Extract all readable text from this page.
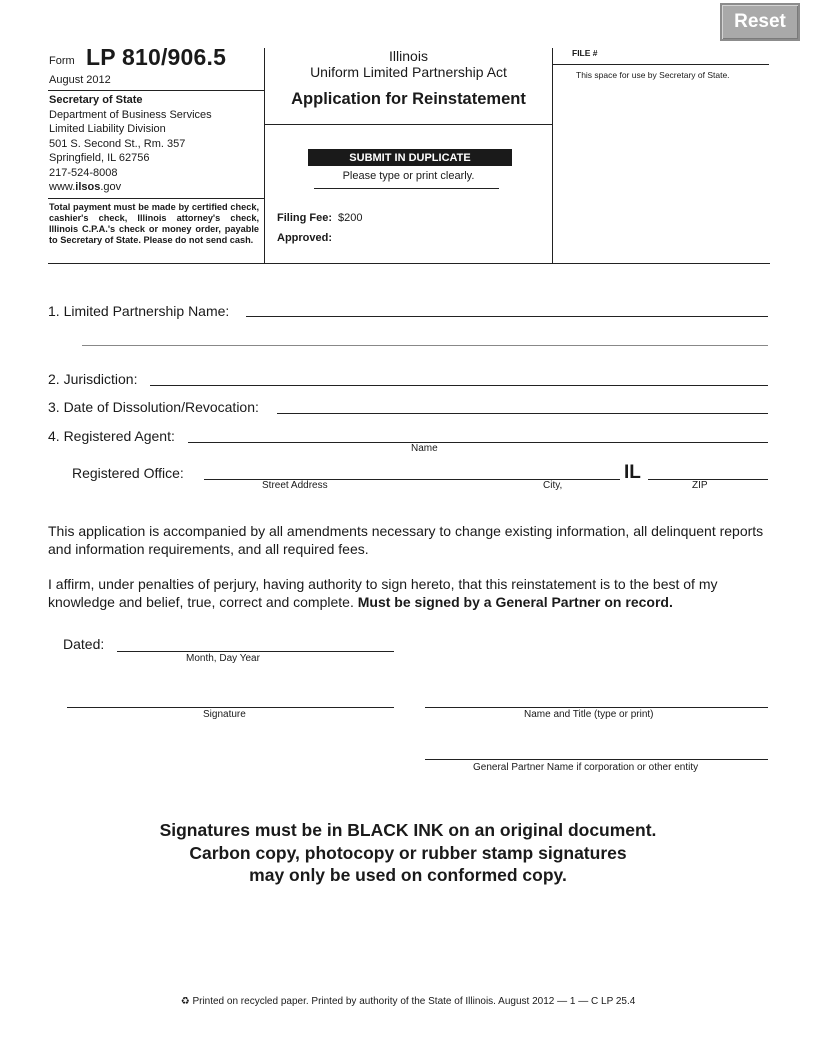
Reset
Form LP 810/906.5
August 2012
Secretary of State
Department of Business Services
Limited Liability Division
501 S. Second St., Rm. 357
Springfield, IL 62756
217-524-8008
www.ilsos.gov
Total payment must be made by certified check, cashier's check, Illinois attorney's check, Illinois C.P.A.'s check or money order, payable to Secretary of State. Please do not send cash.
Illinois
Uniform Limited Partnership Act
Application for Reinstatement
SUBMIT IN DUPLICATE
Please type or print clearly.
Filing Fee: $200
Approved:
FILE #
This space for use by Secretary of State.
1. Limited Partnership Name:
2. Jurisdiction:
3. Date of Dissolution/Revocation:
4. Registered Agent:
Name
Registered Office:	IL
Street Address	City,	ZIP
This application is accompanied by all amendments necessary to change existing information, all delinquent reports and information requirements, and all required fees.
I affirm, under penalties of perjury, having authority to sign hereto, that this reinstatement is to the best of my knowledge and belief, true, correct and complete. Must be signed by a General Partner on record.
Dated:
Month, Day Year
Signature	Name and Title (type or print)
General Partner Name if corporation or other entity
Signatures must be in BLACK INK on an original document.
Carbon copy, photocopy or rubber stamp signatures
may only be used on conformed copy.
♻ Printed on recycled paper. Printed by authority of the State of Illinois. August 2012 — 1 — C LP 25.4
